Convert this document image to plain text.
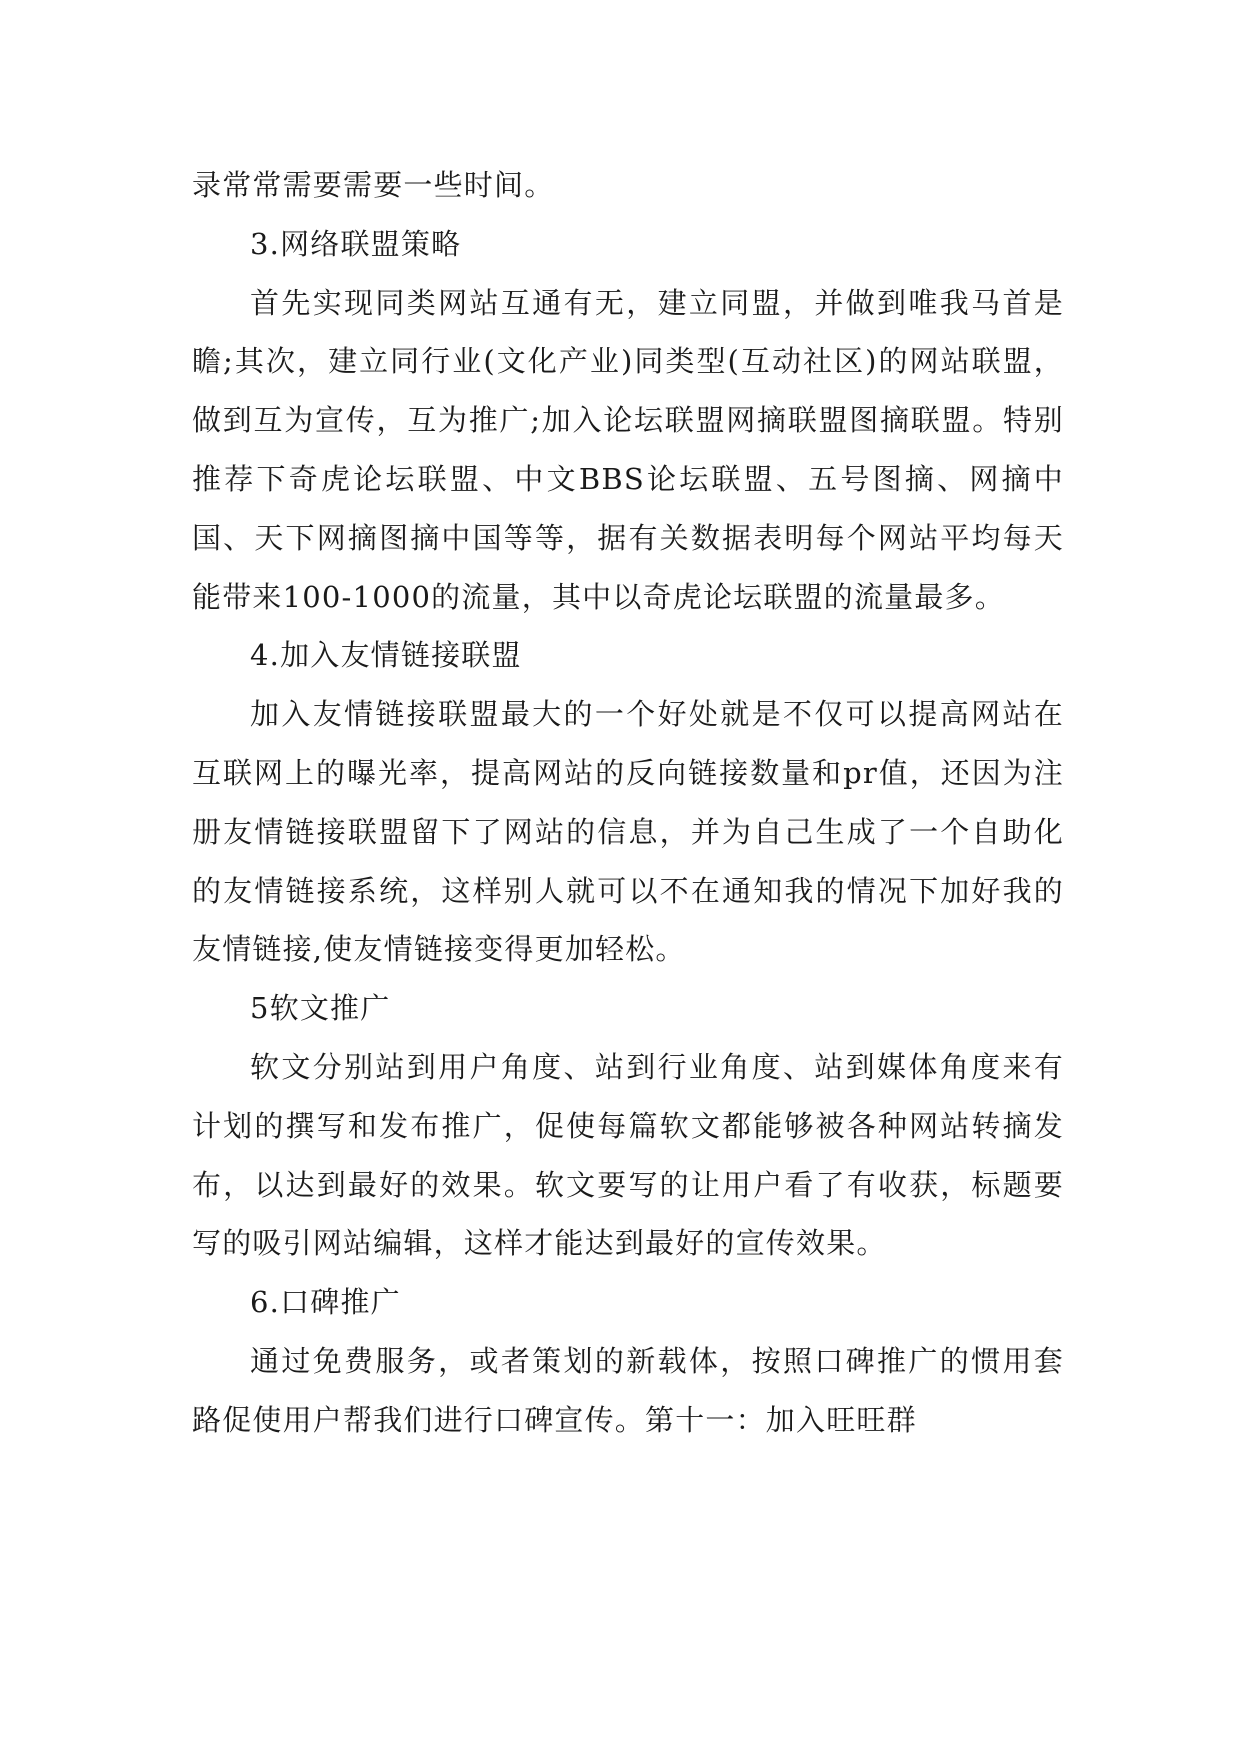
录常常需要需要一些时间。

3.网络联盟策略

首先实现同类网站互通有无，建立同盟，并做到唯我马首是瞻;其次，建立同行业(文化产业)同类型(互动社区)的网站联盟，做到互为宣传，互为推广;加入论坛联盟网摘联盟图摘联盟。特别推荐下奇虎论坛联盟、中文BBS论坛联盟、五号图摘、网摘中国、天下网摘图摘中国等等，据有关数据表明每个网站平均每天能带来100-1000的流量，其中以奇虎论坛联盟的流量最多。

4.加入友情链接联盟

加入友情链接联盟最大的一个好处就是不仅可以提高网站在互联网上的曝光率，提高网站的反向链接数量和pr值，还因为注册友情链接联盟留下了网站的信息，并为自己生成了一个自助化的友情链接系统，这样别人就可以不在通知我的情况下加好我的友情链接,使友情链接变得更加轻松。

5软文推广

软文分别站到用户角度、站到行业角度、站到媒体角度来有计划的撰写和发布推广，促使每篇软文都能够被各种网站转摘发布，以达到最好的效果。软文要写的让用户看了有收获，标题要写的吸引网站编辑，这样才能达到最好的宣传效果。

6.口碑推广

通过免费服务，或者策划的新载体，按照口碑推广的惯用套路促使用户帮我们进行口碑宣传。第十一：加入旺旺群
